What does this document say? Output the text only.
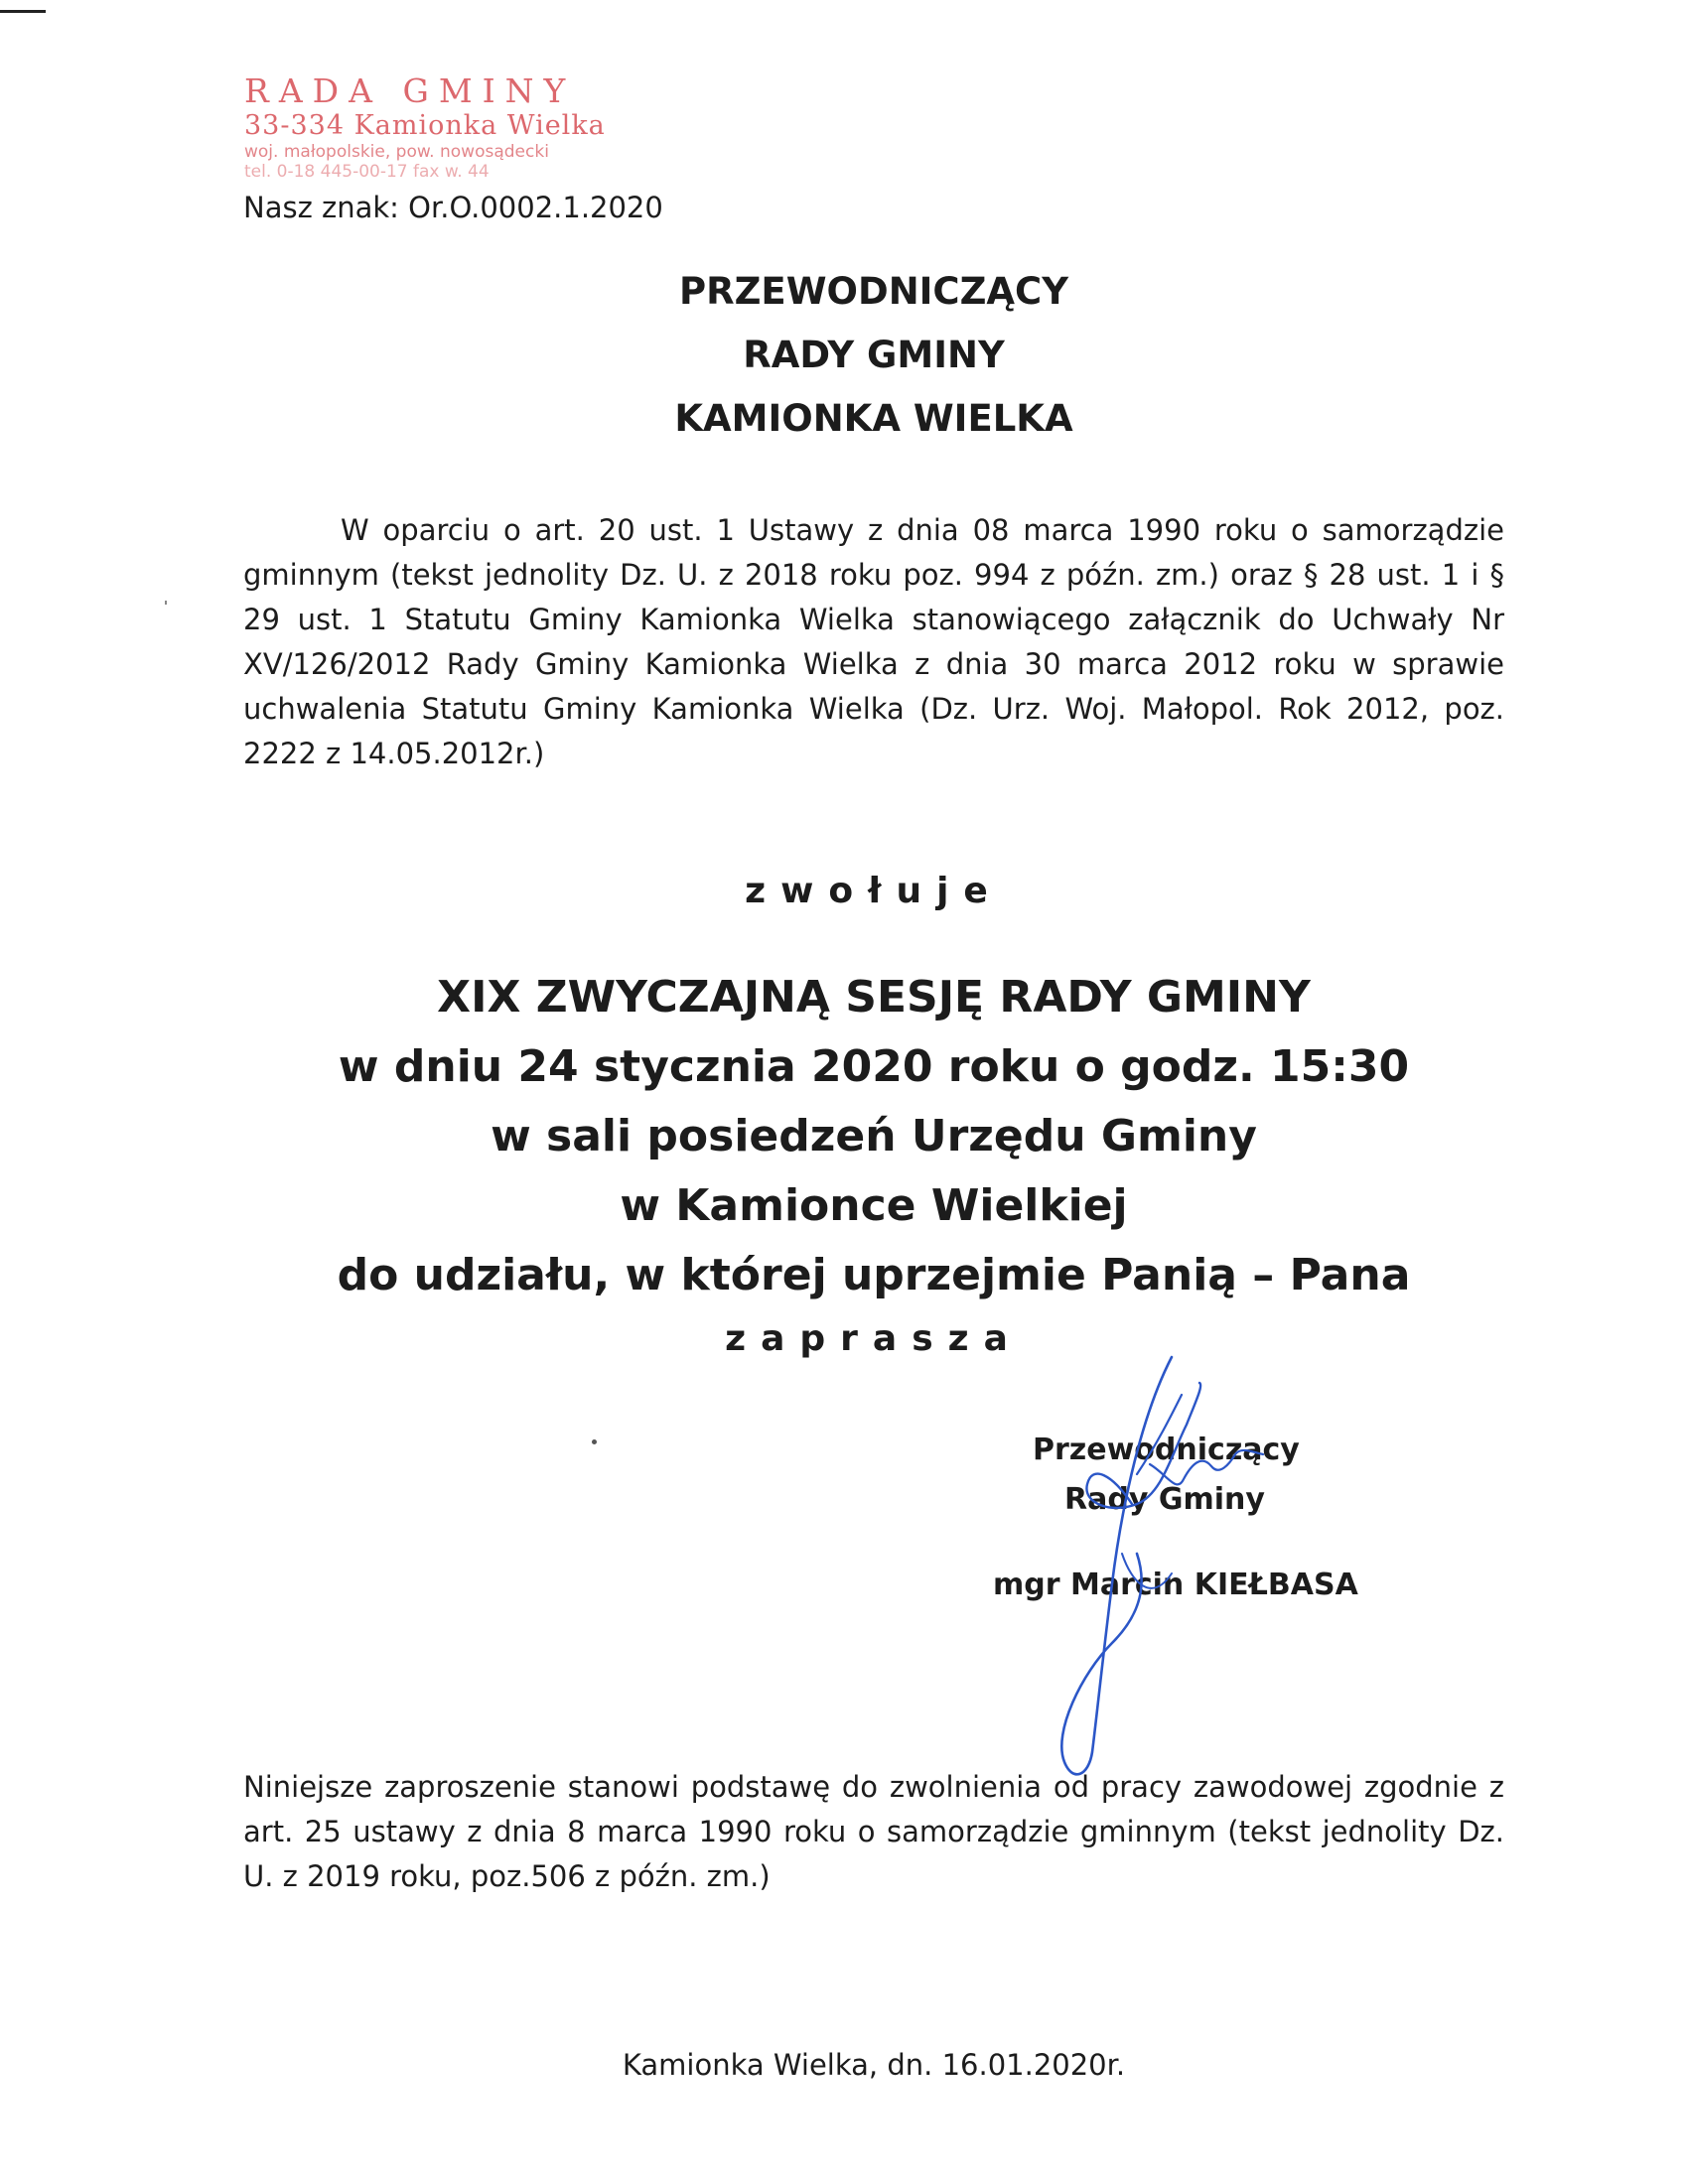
RADA GMINY
33-334 Kamionka Wielka
woj. małopolskie, pow. nowosądecki
tel. 0-18 445-00-17 fax w. 44
Nasz znak: Or.O.0002.1.2020
PRZEWODNICZĄCY
RADY GMINY
KAMIONKA WIELKA

W oparciu o art. 20 ust. 1 Ustawy z dnia 08 marca 1990 roku o samorządzie gminnym (tekst jednolity Dz. U. z 2018 roku poz. 994 z późn. zm.) oraz § 28 ust. 1 i § 29 ust. 1 Statutu Gminy Kamionka Wielka stanowiącego załącznik do Uchwały Nr XV/126/2012 Rady Gminy Kamionka Wielka z dnia 30 marca 2012 roku w sprawie uchwalenia Statutu Gminy Kamionka Wielka (Dz. Urz. Woj. Małopol. Rok 2012, poz. 2222 z 14.05.2012r.)

zwołuje
XIX ZWYCZAJNĄ SESJĘ RADY GMINY
w dniu 24 stycznia 2020 roku o godz. 15:30
w sali posiedzeń Urzędu Gminy
w Kamionce Wielkiej
do udziału, w której uprzejmie Panią – Pana
zaprasza
Przewodniczący
Rady Gminy
mgr Marcin KIEŁBASA

Niniejsze zaproszenie stanowi podstawę do zwolnienia od pracy zawodowej zgodnie z art. 25 ustawy z dnia 8 marca 1990 roku o samorządzie gminnym (tekst jednolity Dz. U. z 2019 roku, poz.506 z późn. zm.)

Kamionka Wielka, dn. 16.01.2020r.
